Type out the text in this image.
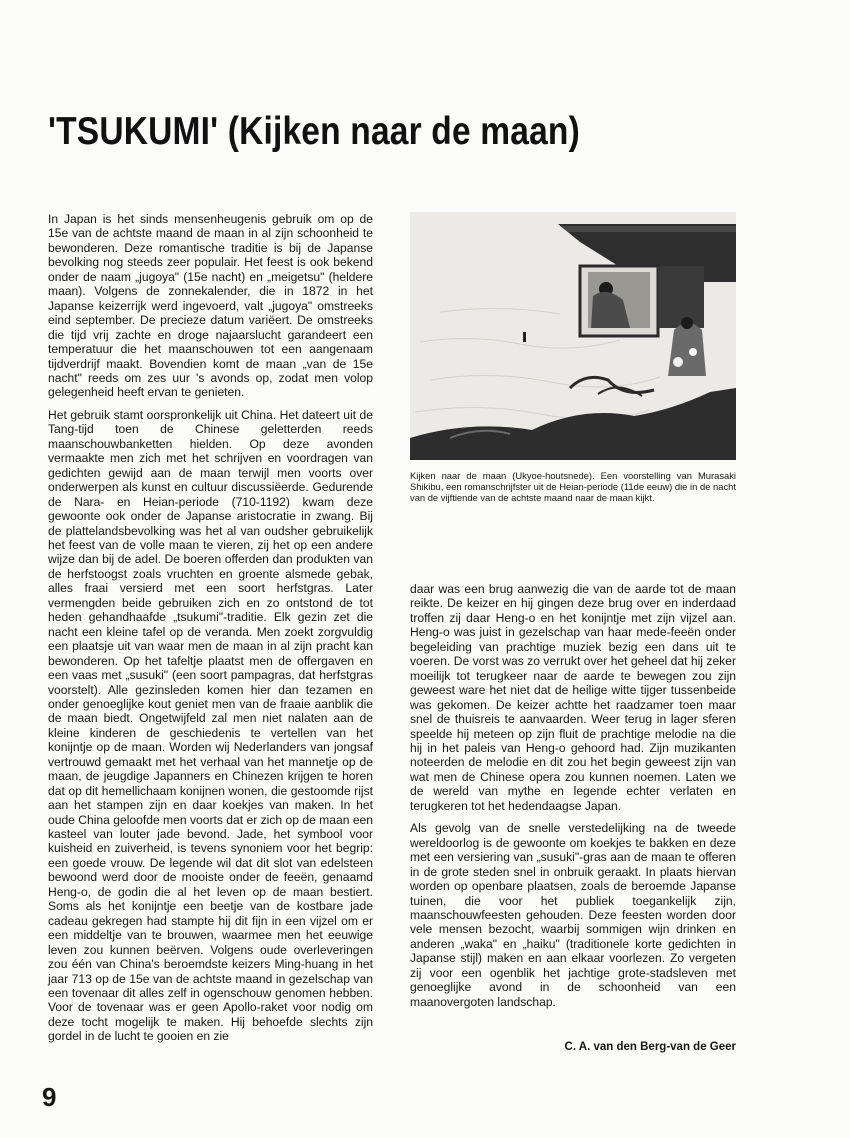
'TSUKUMI' (Kijken naar de maan)

In Japan is het sinds mensenheugenis gebruik om op de 15e van de achtste maand de maan in al zijn schoonheid te bewonderen. Deze romantische traditie is bij de Japanse bevolking nog steeds zeer populair. Het feest is ook bekend onder de naam „jugoya" (15e nacht) en „meigetsu" (heldere maan). Volgens de zonnekalender, die in 1872 in het Japanse keizerrijk werd ingevoerd, valt „jugoya" omstreeks eind september. De precieze datum variëert. De omstreeks die tijd vrij zachte en droge najaarslucht garandeert een temperatuur die het maanschouwen tot een aangenaam tijdverdrijf maakt. Bovendien komt de maan „van de 15e nacht" reeds om zes uur 's avonds op, zodat men volop gelegenheid heeft ervan te genieten.

Het gebruik stamt oorspronkelijk uit China. Het dateert uit de Tang-tijd toen de Chinese geletterden reeds maanschouwbanketten hielden. Op deze avonden vermaakte men zich met het schrijven en voordragen van gedichten gewijd aan de maan terwijl men voorts over onderwerpen als kunst en cultuur discussiëerde. Gedurende de Nara- en Heian-periode (710-1192) kwam deze gewoonte ook onder de Japanse aristocratie in zwang. Bij de plattelandsbevolking was het al van oudsher gebruikelijk het feest van de volle maan te vieren, zij het op een andere wijze dan bij de adel. De boeren offerden dan produkten van de herfstoogst zoals vruchten en groente alsmede gebak, alles fraai versierd met een soort herfstgras. Later vermengden beide gebruiken zich en zo ontstond de tot heden gehandhaafde „tsukumi"-traditie. Elk gezin zet die nacht een kleine tafel op de veranda. Men zoekt zorgvuldig een plaatsje uit van waar men de maan in al zijn pracht kan bewonderen. Op het tafeltje plaatst men de offergaven en een vaas met „susuki" (een soort pampagras, dat herfstgras voorstelt). Alle gezinsleden komen hier dan tezamen en onder genoeglijke kout geniet men van de fraaie aanblik die de maan biedt. Ongetwijfeld zal men niet nalaten aan de kleine kinderen de geschiedenis te vertellen van het konijntje op de maan. Worden wij Nederlanders van jongsaf vertrouwd gemaakt met het verhaal van het mannetje op de maan, de jeugdige Japanners en Chinezen krijgen te horen dat op dit hemellichaam konijnen wonen, die gestoomde rijst aan het stampen zijn en daar koekjes van maken. In het oude China geloofde men voorts dat er zich op de maan een kasteel van louter jade bevond. Jade, het symbool voor kuisheid en zuiverheid, is tevens synoniem voor het begrip: een goede vrouw. De legende wil dat dit slot van edelsteen bewoond werd door de mooiste onder de feeën, genaamd Heng-o, de godin die al het leven op de maan bestiert. Soms als het konijntje een beetje van de kostbare jade cadeau gekregen had stampte hij dit fijn in een vijzel om er een middeltje van te brouwen, waarmee men het eeuwige leven zou kunnen beërven. Volgens oude overleveringen zou één van China's beroemdste keizers Ming-huang in het jaar 713 op de 15e van de achtste maand in gezelschap van een tovenaar dit alles zelf in ogenschouw genomen hebben. Voor de tovenaar was er geen Apollo-raket voor nodig om deze tocht mogelijk te maken. Hij behoefde slechts zijn gordel in de lucht te gooien en zie

Kijken naar de maan (Ukyoe-houtsnede). Een voorstelling van Murasaki Shikibu, een romanschrijfster uit de Heian-periode (11de eeuw) die in de nacht van de vijftiende van de achtste maand naar de maan kijkt.

daar was een brug aanwezig die van de aarde tot de maan reikte. De keizer en hij gingen deze brug over en inderdaad troffen zij daar Heng-o en het konijntje met zijn vijzel aan. Heng-o was juist in gezelschap van haar mede-feeën onder begeleiding van prachtige muziek bezig een dans uit te voeren. De vorst was zo verrukt over het geheel dat hij zeker moeilijk tot terugkeer naar de aarde te bewegen zou zijn geweest ware het niet dat de heilige witte tijger tussenbeide was gekomen. De keizer achtte het raadzamer toen maar snel de thuisreis te aanvaarden. Weer terug in lager sferen speelde hij meteen op zijn fluit de prachtige melodie na die hij in het paleis van Heng-o gehoord had. Zijn muzikanten noteerden de melodie en dit zou het begin geweest zijn van wat men de Chinese opera zou kunnen noemen. Laten we de wereld van mythe en legende echter verlaten en terugkeren tot het hedendaagse Japan.

Als gevolg van de snelle verstedelijking na de tweede wereldoorlog is de gewoonte om koekjes te bakken en deze met een versiering van „susuki"-gras aan de maan te offeren in de grote steden snel in onbruik geraakt. In plaats hiervan worden op openbare plaatsen, zoals de beroemde Japanse tuinen, die voor het publiek toegankelijk zijn, maanschouwfeesten gehouden. Deze feesten worden door vele mensen bezocht, waarbij sommigen wijn drinken en anderen „waka" en „haiku" (traditionele korte gedichten in Japanse stijl) maken en aan elkaar voorlezen. Zo vergeten zij voor een ogenblik het jachtige grote-stadsleven met genoeglijke avond in de schoonheid van een maanovergoten landschap.

C. A. van den Berg-van de Geer

9
